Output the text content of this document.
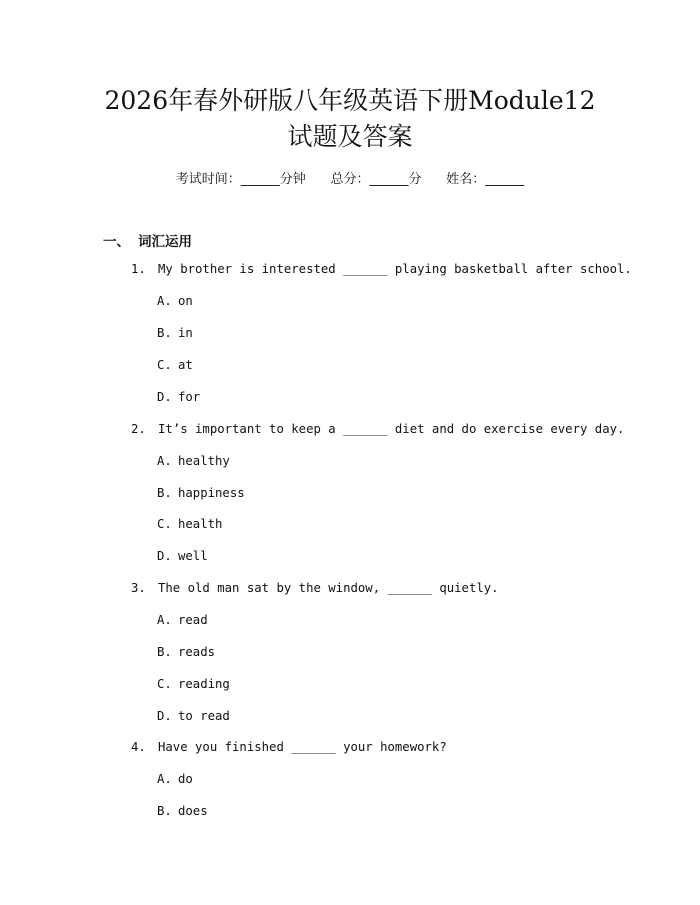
2026年春外研版八年级英语下册Module12
试题及答案
考试时间：______分钟      总分：______分      姓名：______
一、 词汇运用
1. My brother is interested ______ playing basketball after school.
A. on
B. in
C. at
D. for
2. It’s important to keep a ______ diet and do exercise every day.
A. healthy
B. happiness
C. health
D. well
3. The old man sat by the window, ______ quietly.
A. read
B. reads
C. reading
D. to read
4. Have you finished ______ your homework?
A. do
B. does
